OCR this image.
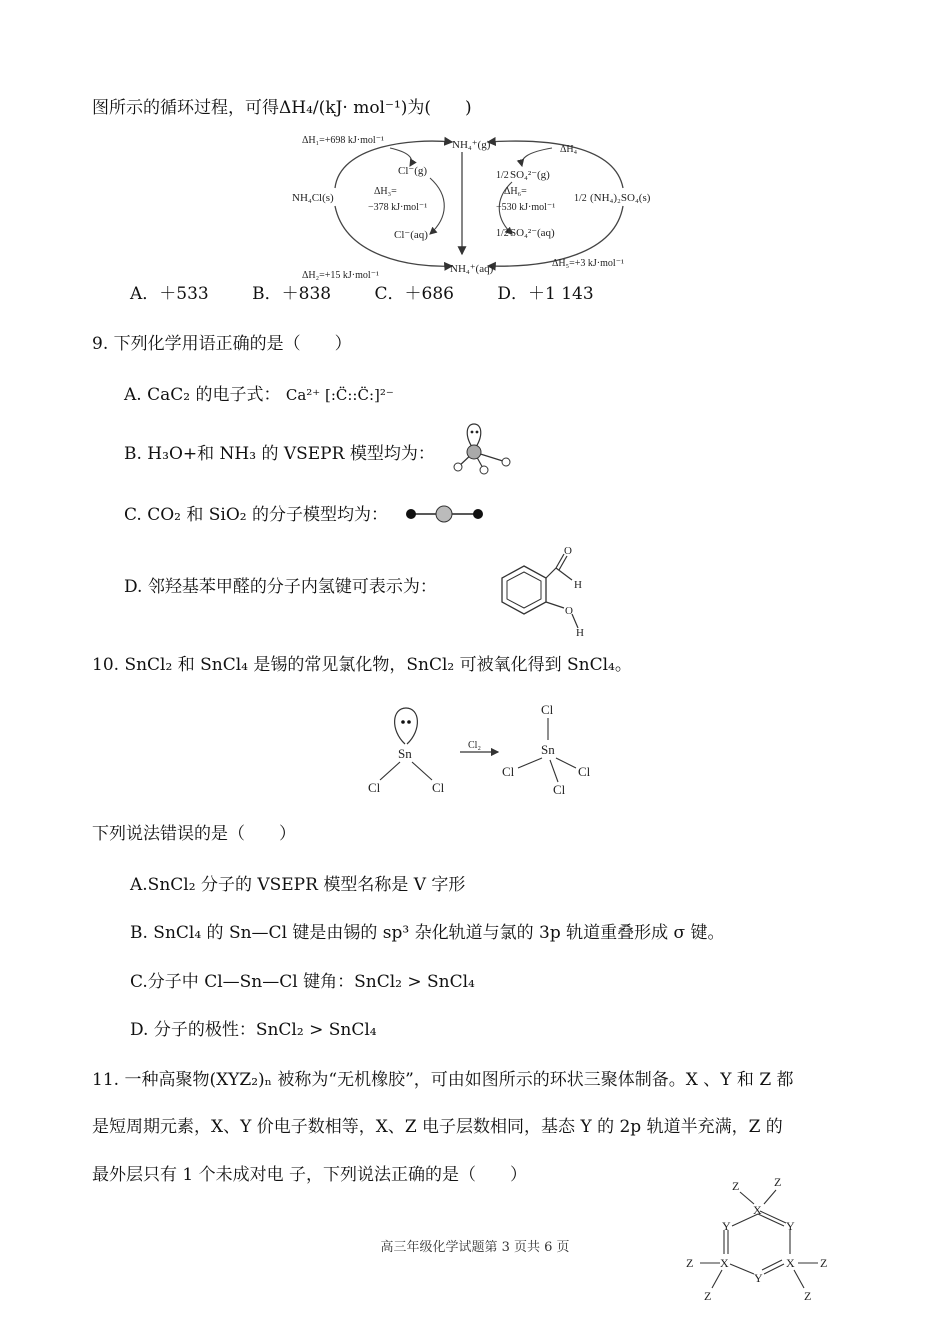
图所示的循环过程，可得ΔH₄/(kJ· mol⁻¹)为(　　)
ΔH₁=+698 kJ·mol⁻¹
ΔH₂=+15 kJ·mol⁻¹
NH₄Cl(s)
ΔH₃=
−378 kJ·mol⁻¹
Cl⁻(g)
Cl⁻(aq)
NH₄⁺(g)
NH₄⁺(aq)
ΔH₄
ΔH₅=+3 kJ·mol⁻¹
1/2 SO₄²⁻(g)
ΔH₆=
−530 kJ·mol⁻¹
1/2 SO₄²⁻(aq)
1/2 (NH₄)₂SO₄(s)
A．＋533	B．＋838	C．＋686	D．＋1 143
9. 下列化学用语正确的是（　　）
A. CaC₂ 的电子式： Ca²⁺ [:C̈::C̈:]²⁻
B. H₃O+和 NH₃ 的 VSEPR 模型均为：
C. CO₂ 和 SiO₂ 的分子模型均为：
D. 邻羟基苯甲醛的分子内氢键可表示为：
O
H
O
H
10. SnCl₂ 和 SnCl₄ 是锡的常见氯化物，SnCl₂ 可被氧化得到 SnCl₄。
Sn
Cl	Cl
Cl₂
Cl
Sn
Cl	Cl
Cl
下列说法错误的是（　　）
A.SnCl₂ 分子的 VSEPR 模型名称是 V 字形
B. SnCl₄ 的 Sn—Cl 键是由锡的 sp³ 杂化轨道与氯的 3p 轨道重叠形成 σ 键。
C.分子中 Cl—Sn—Cl 键角：SnCl₂ > SnCl₄
D. 分子的极性：SnCl₂ > SnCl₄
11. 一种高聚物(XYZ₂)ₙ 被称为“无机橡胶”，可由如图所示的环状三聚体制备。X 、Y 和 Z 都
是短周期元素，X、Y 价电子数相等，X、Z 电子层数相同，基态 Y 的 2p 轨道半充满，Z 的
最外层只有 1 个未成对电 子，下列说法正确的是（　　）
X
Y	Y
X	X
Y
Z	Z
Z
Z
Z
Z
高三年级化学试题第 3 页共 6 页
